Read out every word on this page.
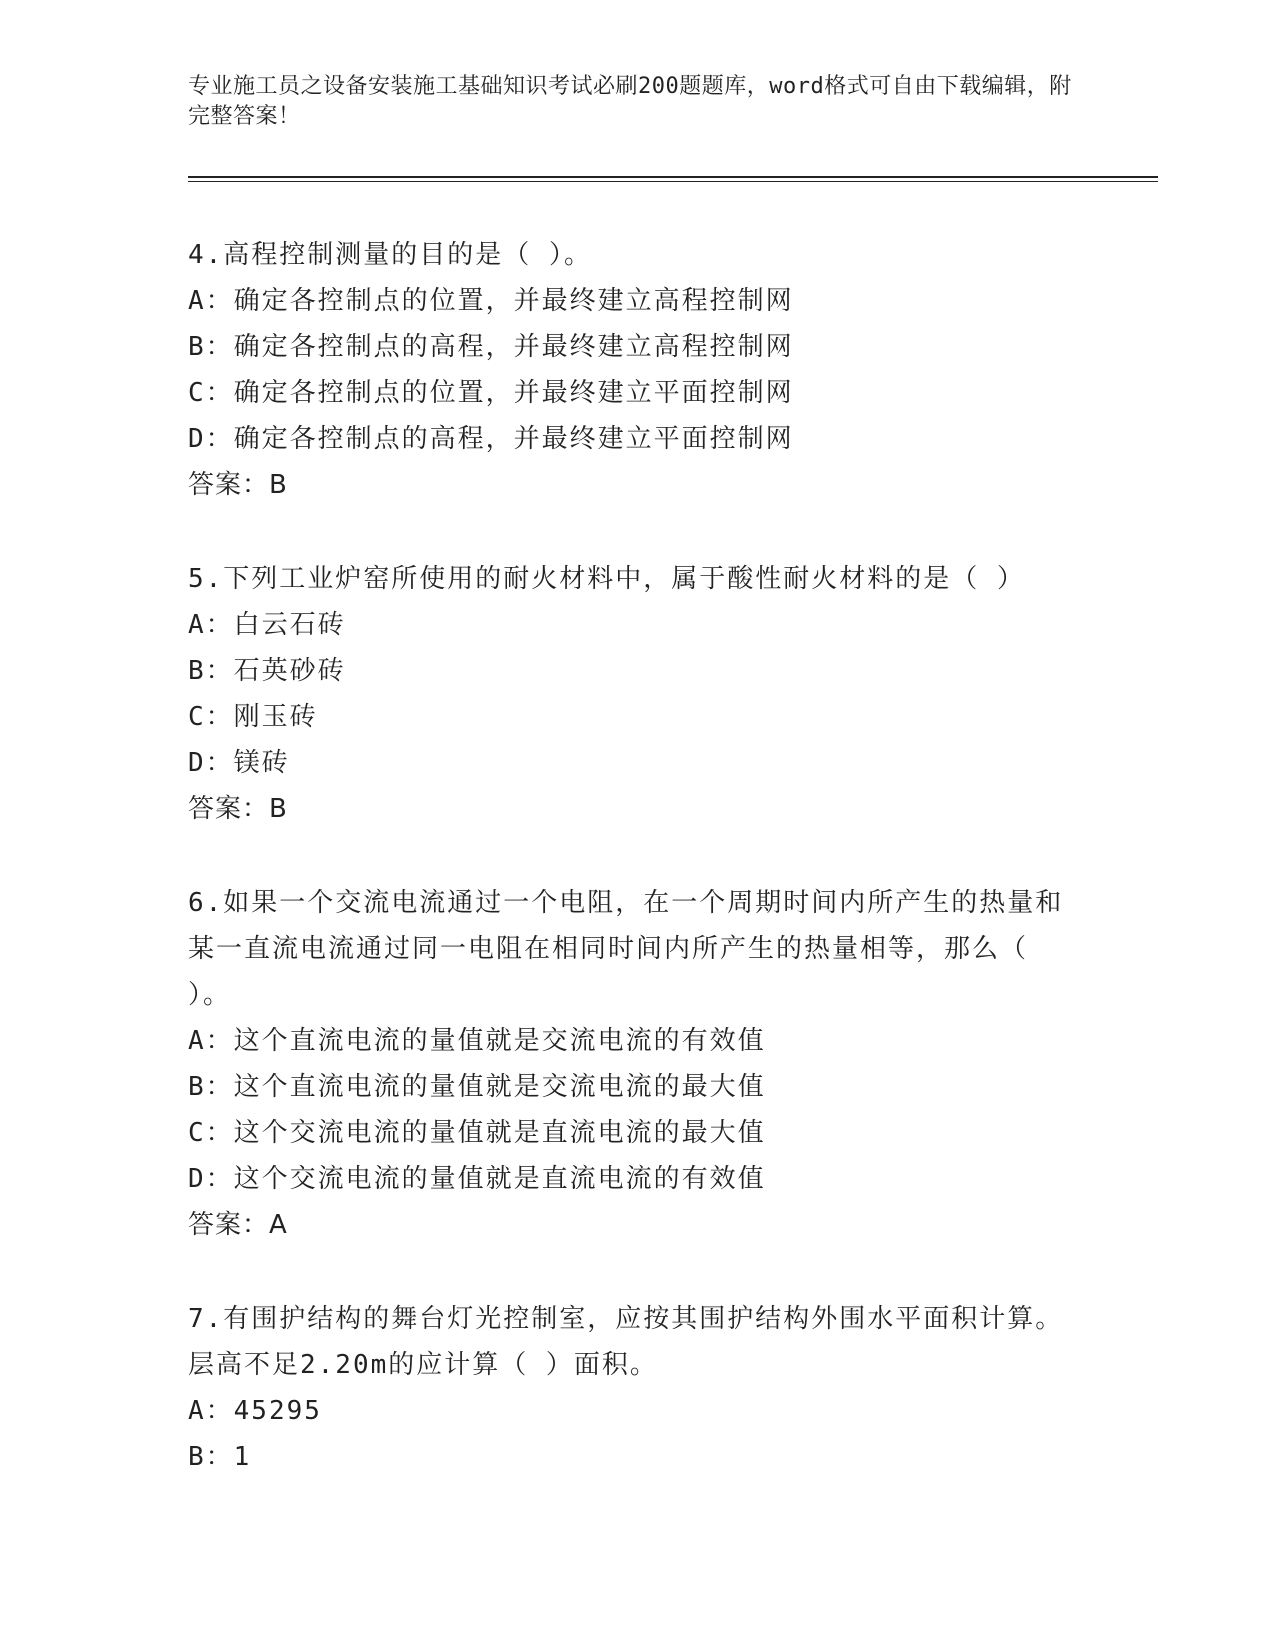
专业施工员之设备安装施工基础知识考试必刷200题题库，word格式可自由下载编辑，附完整答案！
4.高程控制测量的目的是（ ）。
A：确定各控制点的位置，并最终建立高程控制网
B：确定各控制点的高程，并最终建立高程控制网
C：确定各控制点的位置，并最终建立平面控制网
D：确定各控制点的高程，并最终建立平面控制网
答案：B
5.下列工业炉窑所使用的耐火材料中，属于酸性耐火材料的是（ ）
A：白云石砖
B：石英砂砖
C：刚玉砖
D：镁砖
答案：B
6.如果一个交流电流通过一个电阻，在一个周期时间内所产生的热量和某一直流电流通过同一电阻在相同时间内所产生的热量相等，那么（ ）。
A：这个直流电流的量值就是交流电流的有效值
B：这个直流电流的量值就是交流电流的最大值
C：这个交流电流的量值就是直流电流的最大值
D：这个交流电流的量值就是直流电流的有效值
答案：A
7.有围护结构的舞台灯光控制室，应按其围护结构外围水平面积计算。层高不足2.20m的应计算（ ）面积。
A：45295
B：1
